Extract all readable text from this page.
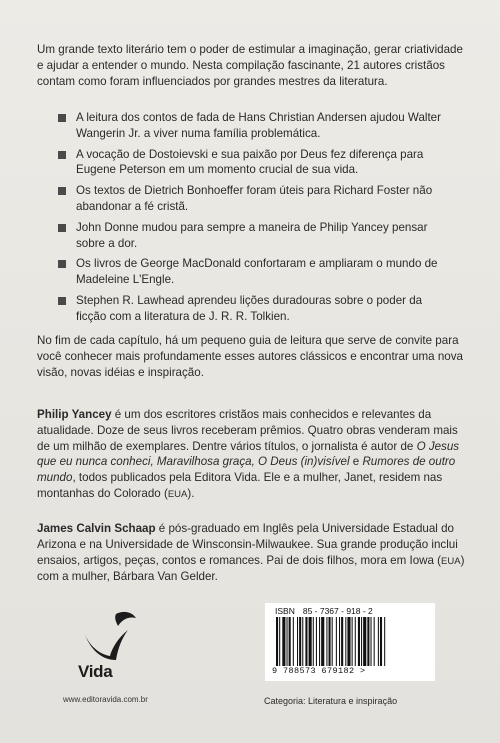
Um grande texto literário tem o poder de estimular a imaginação, gerar criatividade

e ajudar a entender o mundo. Nesta compilação fascinante, 21 autores cristãos

contam como foram influenciados por grandes mestres da literatura.

A leitura dos contos de fada de Hans Christian Andersen ajudou Walter

Wangerin Jr. a viver numa família problemática.

A vocação de Dostoievski e sua paixão por Deus fez diferença para

Eugene Peterson em um momento crucial de sua vida.

Os textos de Dietrich Bonhoeffer foram úteis para Richard Foster não

abandonar a fé cristã.

John Donne mudou para sempre a maneira de Philip Yancey pensar

sobre a dor.

Os livros de George MacDonald confortaram e ampliaram o mundo de

Madeleine L'Engle.

Stephen R. Lawhead aprendeu lições duradouras sobre o poder da

ficção com a literatura de J. R. R. Tolkien.

No fim de cada capítulo, há um pequeno guia de leitura que serve de convite para

você conhecer mais profundamente esses autores clássicos e encontrar uma nova

visão, novas idéias e inspiração.

Philip Yancey é um dos escritores cristãos mais conhecidos e relevantes da

atualidade. Doze de seus livros receberam prêmios. Quatro obras venderam mais

de um milhão de exemplares. Dentre vários títulos, o jornalista é autor de O Jesus

que eu nunca conheci, Maravilhosa graça, O Deus (in)visível e Rumores de outro

mundo, todos publicados pela Editora Vida. Ele e a mulher, Janet, residem nas

montanhas do Colorado (EUA).

James Calvin Schaap é pós-graduado em Inglês pela Universidade Estadual do

Arizona e na Universidade de Winsconsin-Milwaukee. Sua grande produção inclui

ensaios, artigos, peças, contos e romances. Pai de dois filhos, mora em Iowa (EUA)

com a mulher, Bárbara Van Gelder.

Vida
www.editoravida.com.br
ISBN 85 - 7367 - 918 - 2
9 788573 679182 >
Categoria: Literatura e inspiração
